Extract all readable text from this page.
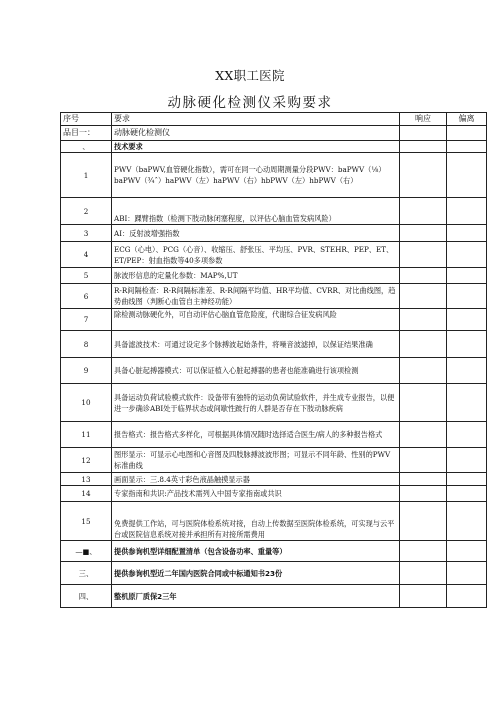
XX职工医院
动脉硬化检测仪采购要求
序号	要求	响应	偏离
品目一：	动脉硬化检测仪		
、	技术要求		
1	PWV（baPWV,血管硬化指数），需可在同一心动周期测量分段PWV：baPWV（⅛）baPWV（¾ˆ）haPWV（左）haPWV（右）hbPWV（左）hbPWV（右）		
2	ABI：踝臂指数（检测下肢动脉闭塞程度，以评估心脑血管发病风险）		
3	AI：反射波增强指数		
4	ECG（心电）、PCG（心音）、收缩压、舒张压、平均压、PVR、STEHR、PEP、ET、ET/PEP：射血指数等40多项参数		
5	脉波形信息的定量化参数：MAP%,UT		
6	R-R间隔检查：R-R间隔标准差、R-R间隔平均值、HR平均值、CVRR、对比曲线图，趋势曲线图（判断心血管自主神经功能）		
7	除检测动脉硬化外，可自动评估心脑血管危险度，代谢综合征发病风险		
8	具备滤波技术：可通过设定多个脉搏波起始条件，将噪音波滤掉，以保证结果准确		
9	具备心脏起搏器模式：可以保证植入心脏起搏器的患者也能准确进行该项检测		
10	具备运动负荷试验模式软件：设备带有独特的运动负荷试验软件，并生成专业报告，以便进一步确诊ABI处于临界状态或间歇性跛行的人群是否存在下肢动脉疾病		
11	报告格式：报告格式多样化，可根据具体情况随时选择适合医生/病人的多种报告格式		
12	图形显示：可显示心电图和心音图及四肢脉搏波波形图；可显示不同年龄、性别的PWV标准曲线		
13	画面显示：三.8.4英寸彩色液晶触摸显示器		
14	专家指南和共识:产品技术需列入中国专家指南或共识		
15	免费提供工作站，可与医院体检系统对接，自动上传数据至医院体检系统，可实现与云平台或医院信息系统对接并承担所有对接所需费用		
—■、	提供参询机型详细配置清单（包含设备功率、重量等）		
三、	提供参询机型近二年国内医院合同或中标通知书23份		
四、	整机原厂质保2三年		
